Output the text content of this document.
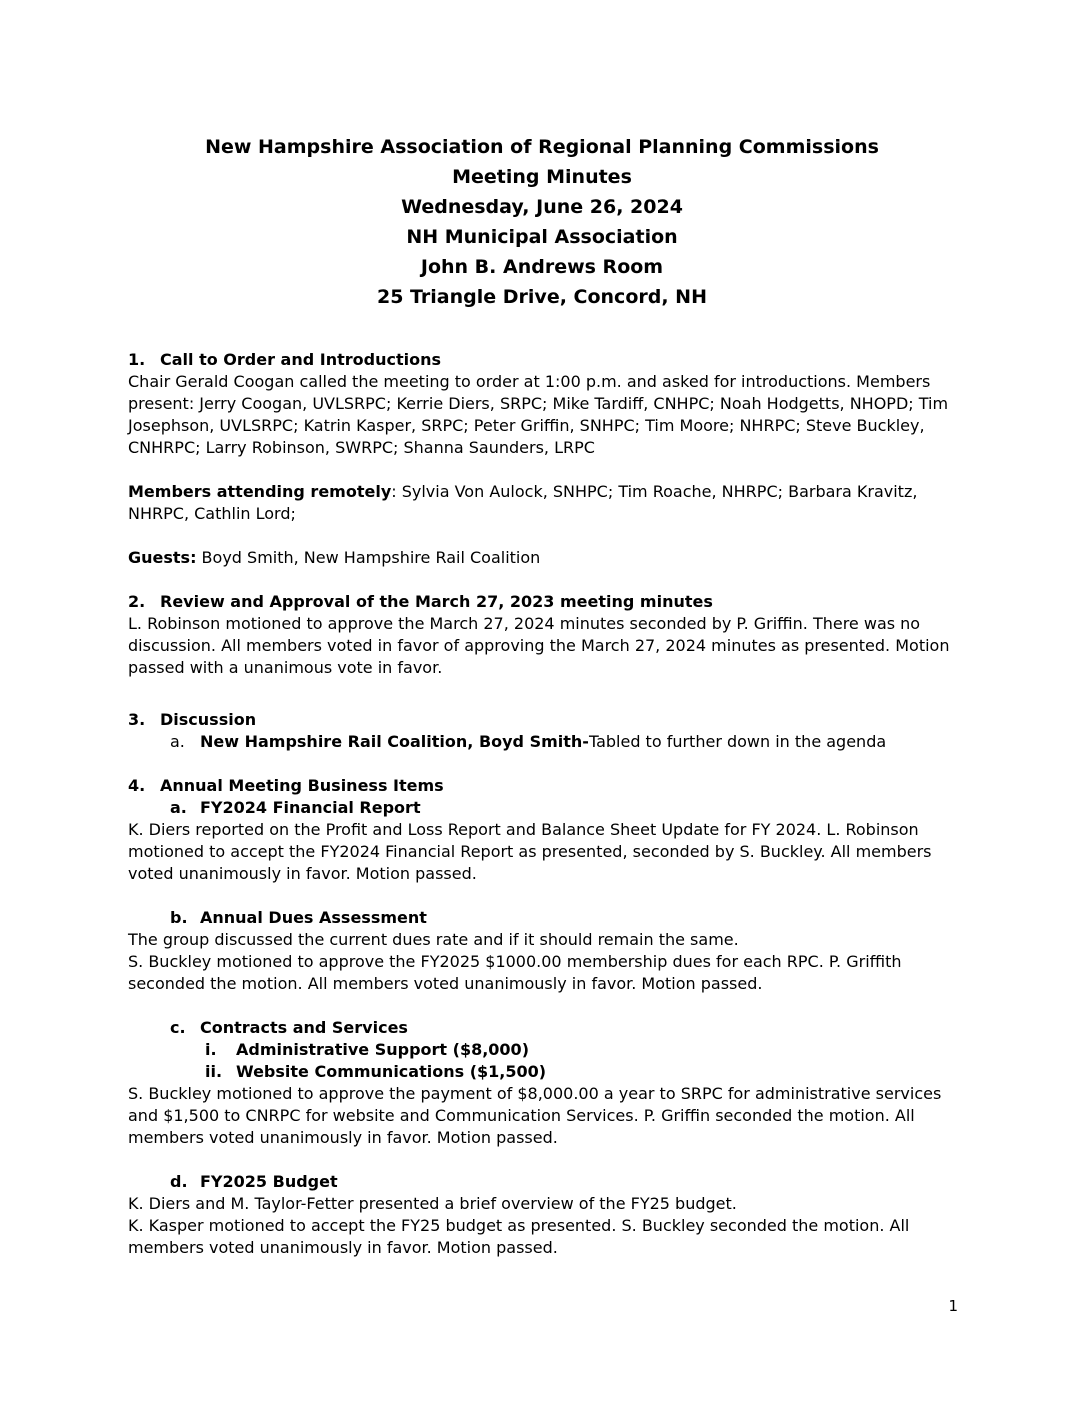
New Hampshire Association of Regional Planning Commissions
Meeting Minutes
Wednesday, June 26, 2024
NH Municipal Association
John B. Andrews Room
25 Triangle Drive, Concord, NH
1. Call to Order and Introductions
Chair Gerald Coogan called the meeting to order at 1:00 p.m. and asked for introductions. Members present: Jerry Coogan, UVLSRPC; Kerrie Diers, SRPC; Mike Tardiff, CNHPC; Noah Hodgetts, NHOPD; Tim Josephson, UVLSRPC; Katrin Kasper, SRPC; Peter Griffin, SNHPC; Tim Moore; NHRPC; Steve Buckley, CNHRPC; Larry Robinson, SWRPC; Shanna Saunders, LRPC
Members attending remotely: Sylvia Von Aulock, SNHPC; Tim Roache, NHRPC; Barbara Kravitz, NHRPC, Cathlin Lord;
Guests: Boyd Smith, New Hampshire Rail Coalition
2. Review and Approval of the March 27, 2023 meeting minutes
L. Robinson motioned to approve the March 27, 2024 minutes seconded by P. Griffin. There was no discussion. All members voted in favor of approving the March 27, 2024 minutes as presented. Motion passed with a unanimous vote in favor.
3. Discussion
a. New Hampshire Rail Coalition, Boyd Smith-Tabled to further down in the agenda
4. Annual Meeting Business Items
a. FY2024 Financial Report
K. Diers reported on the Profit and Loss Report and Balance Sheet Update for FY 2024. L. Robinson motioned to accept the FY2024 Financial Report as presented, seconded by S. Buckley. All members voted unanimously in favor. Motion passed.
b. Annual Dues Assessment
The group discussed the current dues rate and if it should remain the same.
S. Buckley motioned to approve the FY2025 $1000.00 membership dues for each RPC. P. Griffith seconded the motion. All members voted unanimously in favor. Motion passed.
c. Contracts and Services
i. Administrative Support ($8,000)
ii. Website Communications ($1,500)
S. Buckley motioned to approve the payment of $8,000.00 a year to SRPC for administrative services and $1,500 to CNRPC for website and Communication Services. P. Griffin seconded the motion. All members voted unanimously in favor. Motion passed.
d. FY2025 Budget
K. Diers and M. Taylor-Fetter presented a brief overview of the FY25 budget.
K. Kasper motioned to accept the FY25 budget as presented. S. Buckley seconded the motion. All members voted unanimously in favor. Motion passed.
1
